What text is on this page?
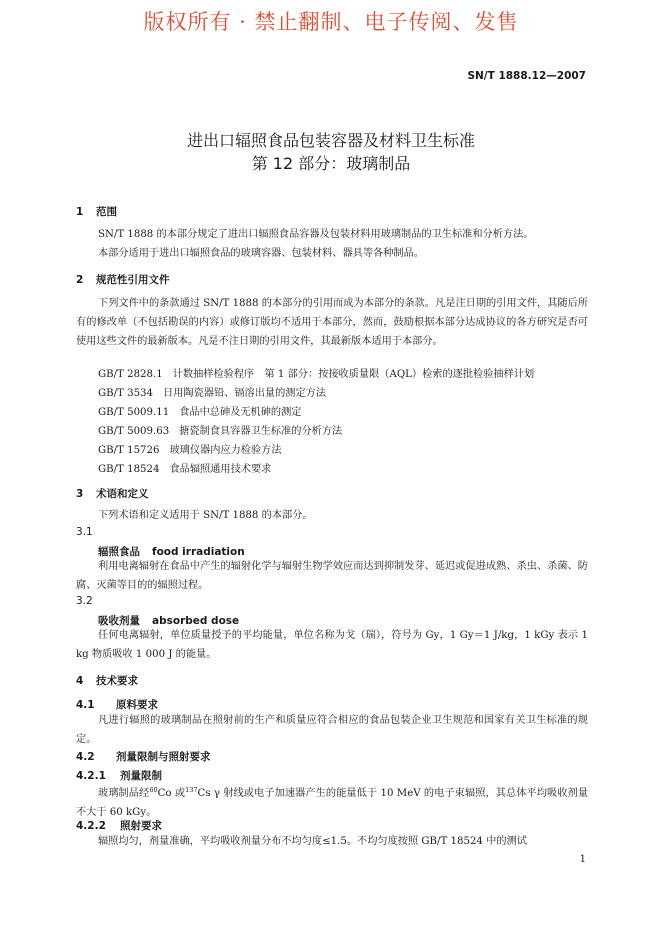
版权所有 · 禁止翻制、电子传阅、发售
SN/T 1888.12—2007
进出口辐照食品包装容器及材料卫生标准
第 12 部分：玻璃制品
1 范围
SN/T 1888 的本部分规定了进出口辐照食品容器及包装材料用玻璃制品的卫生标准和分析方法。
本部分适用于进出口辐照食品的玻璃容器、包装材料、器具等各种制品。
2 规范性引用文件
下列文件中的条款通过 SN/T 1888 的本部分的引用而成为本部分的条款。凡是注日期的引用文件，其随后所有的修改单（不包括勘误的内容）或修订版均不适用于本部分，然而，鼓励根据本部分达成协议的各方研究是否可使用这些文件的最新版本。凡是不注日期的引用文件，其最新版本适用于本部分。
GB/T 2828.1 计数抽样检验程序　第 1 部分：按接收质量限（AQL）检索的逐批检验抽样计划
GB/T 3534 日用陶瓷器铅、镉溶出量的测定方法
GB/T 5009.11 食品中总砷及无机砷的测定
GB/T 5009.63 搪瓷制食具容器卫生标准的分析方法
GB/T 15726 玻璃仪器内应力检验方法
GB/T 18524 食品辐照通用技术要求
3 术语和定义
下列术语和定义适用于 SN/T 1888 的本部分。
3.1
辐照食品 food irradiation
利用电离辐射在食品中产生的辐射化学与辐射生物学效应而达到抑制发芽、延迟或促进成熟、杀虫、杀菌、防腐、灭菌等目的的辐照过程。
3.2
吸收剂量 absorbed dose
任何电离辐射，单位质量授予的平均能量，单位名称为戈（瑞），符号为 Gy，1 Gy＝1 J/kg，1 kGy 表示 1 kg 物质吸收 1 000 J 的能量。
4 技术要求
4.1 原料要求
凡进行辐照的玻璃制品在照射前的生产和质量应符合相应的食品包装企业卫生规范和国家有关卫生标准的规定。
4.2 剂量限制与照射要求
4.2.1 剂量限制
玻璃制品经$^{60}$Co 或$^{137}$Cs γ 射线或电子加速器产生的能量低于 10 MeV 的电子束辐照，其总体平均吸收剂量不大于 60 kGy。
4.2.2 照射要求
辐照均匀，剂量准确，平均吸收剂量分布不均匀度≤1.5。不均匀度按照 GB/T 18524 中的测试
1
